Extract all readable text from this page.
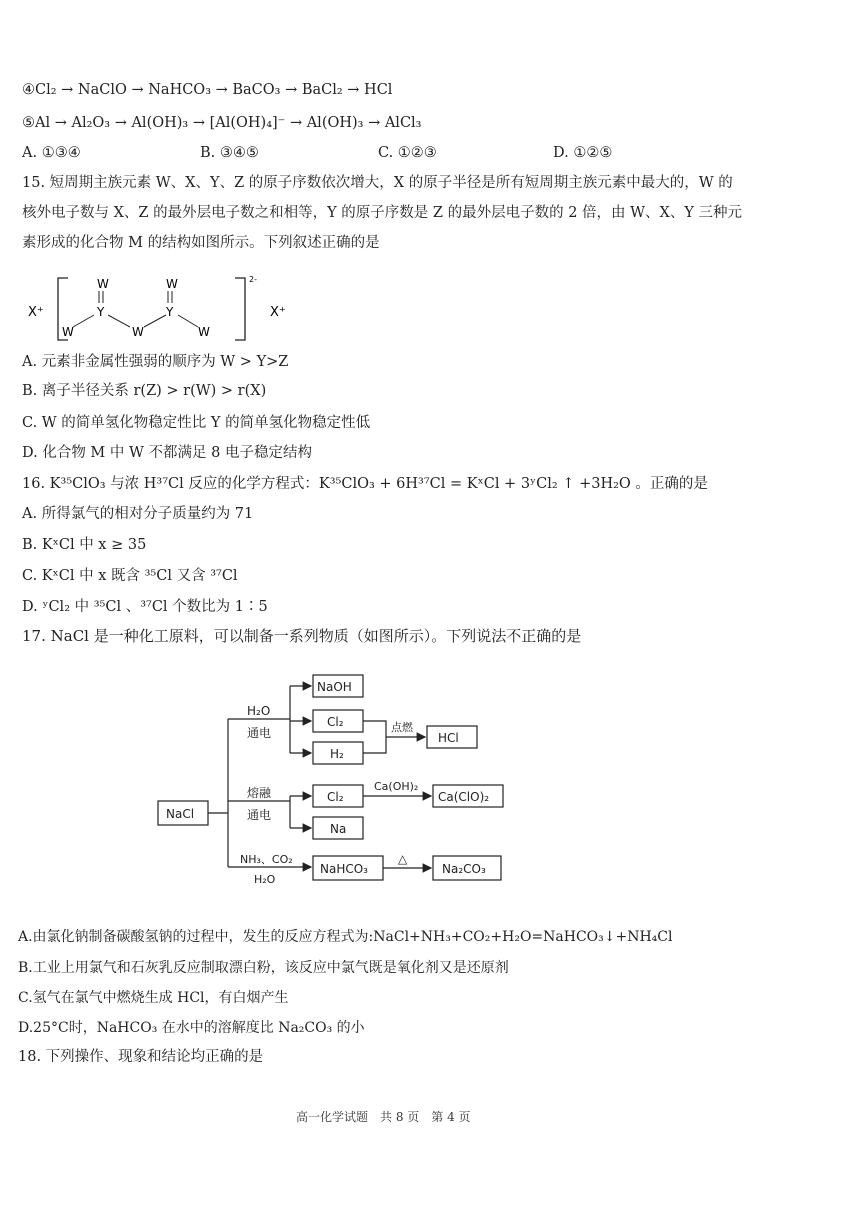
④Cl₂ → NaClO → NaHCO₃ → BaCO₃ → BaCl₂ → HCl
⑤Al → Al₂O₃ → Al(OH)₃ → [Al(OH)₄]⁻ → Al(OH)₃ → AlCl₃
A. ①③④	B. ③④⑤	C. ①②③	D. ①②⑤
15. 短周期主族元素 W、X、Y、Z 的原子序数依次增大，X 的原子半径是所有短周期主族元素中最大的，W 的
核外电子数与 X、Z 的最外层电子数之和相等，Y 的原子序数是 Z 的最外层电子数的 2 倍，由 W、X、Y 三种元
素形成的化合物 M 的结构如图所示。下列叙述正确的是
X⁺
2-
W
Y
W	W
W
Y
W
X⁺
A. 元素非金属性强弱的顺序为 W > Y>Z
B. 离子半径关系 r(Z) > r(W) > r(X)
C. W 的简单氢化物稳定性比 Y 的简单氢化物稳定性低
D. 化合物 M 中 W 不都满足 8 电子稳定结构
16. K³⁵ClO₃ 与浓 H³⁷Cl 反应的化学方程式：K³⁵ClO₃ + 6H³⁷Cl = KˣCl + 3ʸCl₂ ↑ +3H₂O 。正确的是
A. 所得氯气的相对分子质量约为 71
B. KˣCl 中 x ≥ 35
C. KˣCl 中 x 既含 ³⁵Cl 又含 ³⁷Cl
D. ʸCl₂ 中 ³⁵Cl 、³⁷Cl 个数比为 1∶5
17. NaCl 是一种化工原料，可以制备一系列物质（如图所示）。下列说法不正确的是
NaCl
NaOH
Cl₂
H₂
HCl
Cl₂
Na
Ca(ClO)₂
NaHCO₃	Na₂CO₃
H₂O
通电	点燃
熔融
通电
Ca(OH)₂
NH₃、CO₂
H₂O
△
A.由氯化钠制备碳酸氢钠的过程中，发生的反应方程式为:NaCl+NH₃+CO₂+H₂O=NaHCO₃↓+NH₄Cl
B.工业上用氯气和石灰乳反应制取漂白粉，该反应中氯气既是氧化剂又是还原剂
C.氢气在氯气中燃烧生成 HCl，有白烟产生
D.25°C时，NaHCO₃ 在水中的溶解度比 Na₂CO₃ 的小
18. 下列操作、现象和结论均正确的是
高一化学试题　共 8 页　第 4 页
